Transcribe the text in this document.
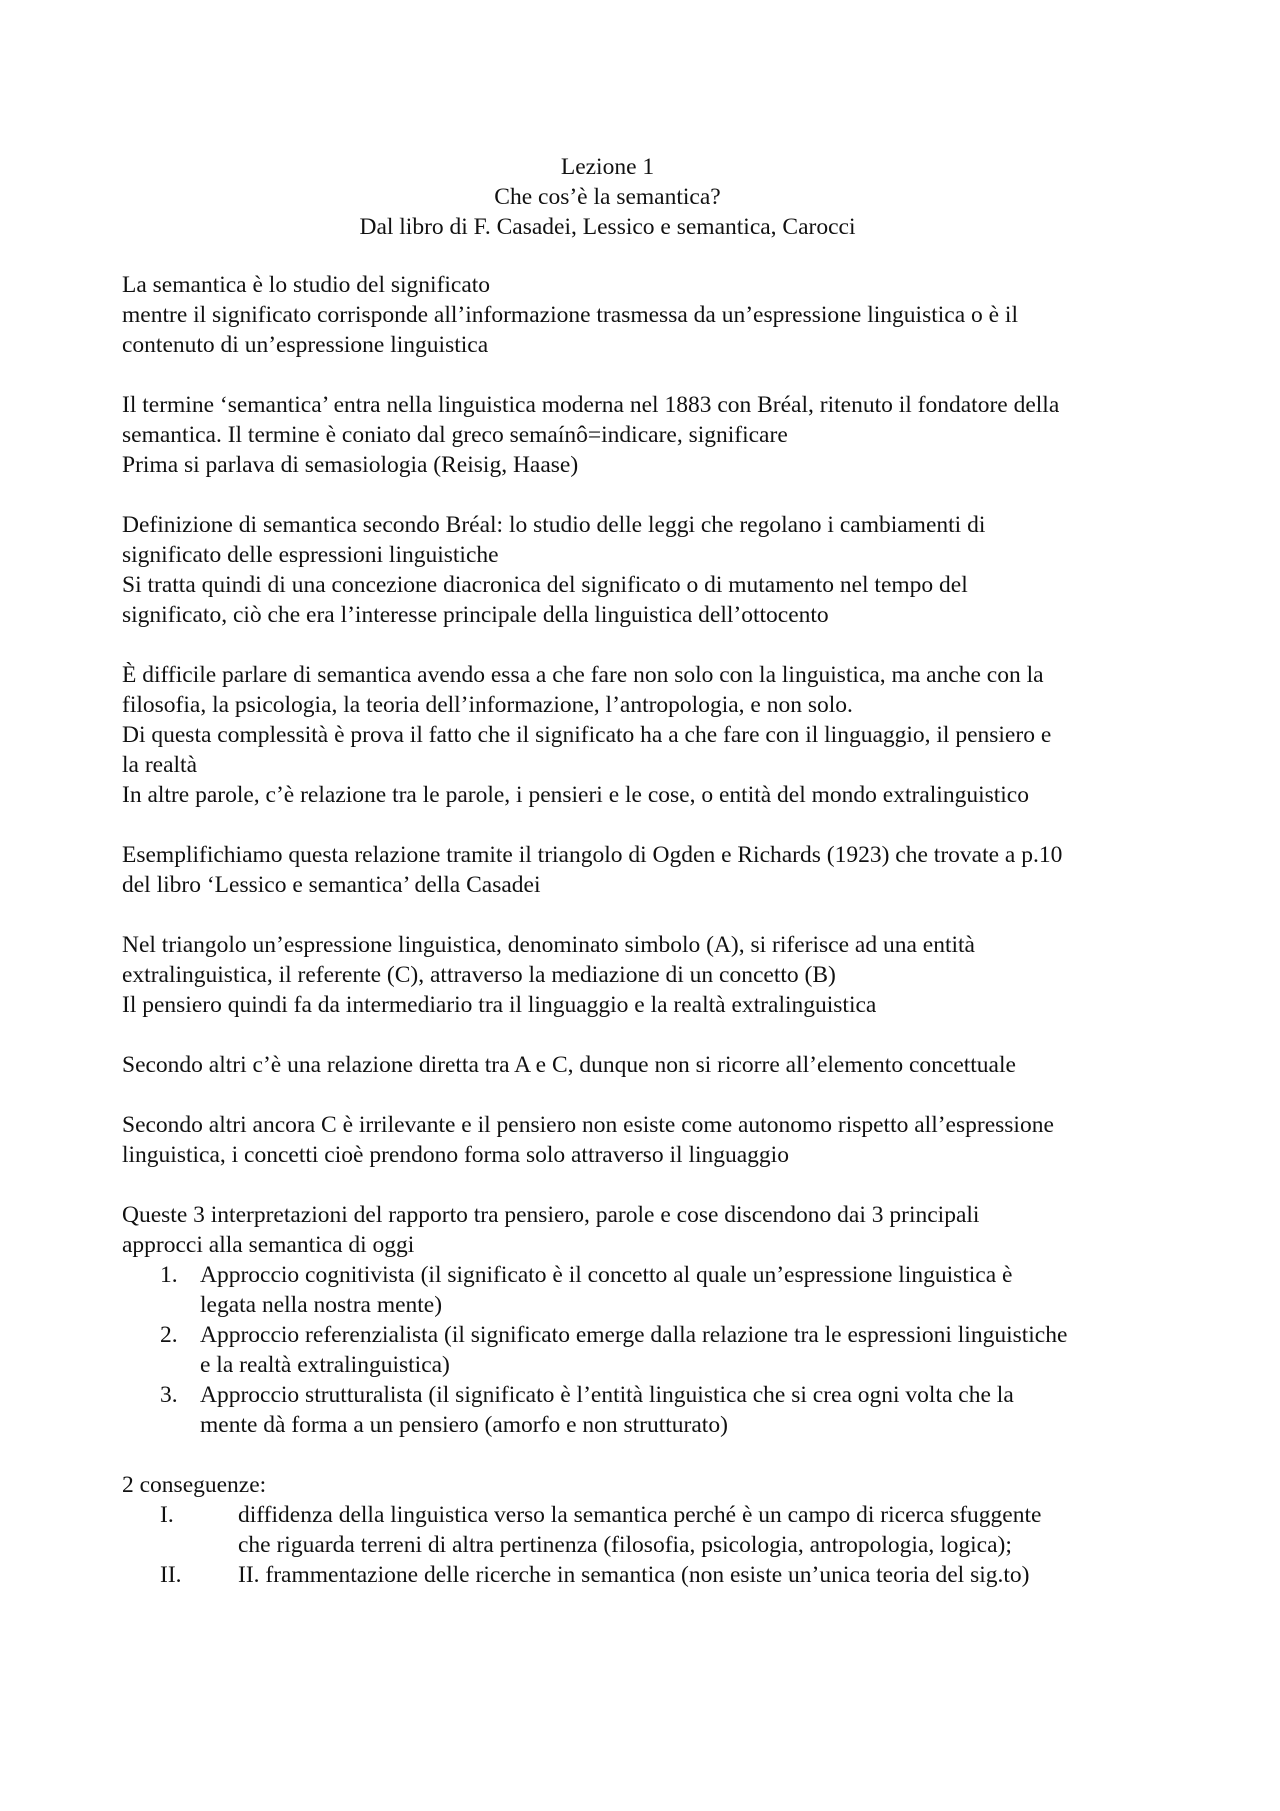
Lezione 1
Che cos’è la semantica?
Dal libro di F. Casadei, Lessico e semantica, Carocci
La semantica è lo studio del significato
mentre il significato corrisponde all’informazione trasmessa da un’espressione linguistica o è il
contenuto di un’espressione linguistica
Il termine ‘semantica’ entra nella linguistica moderna nel 1883 con Bréal, ritenuto il fondatore della
semantica. Il termine è coniato dal greco semaínô=indicare, significare
Prima si parlava di semasiologia (Reisig, Haase)
Definizione di semantica secondo Bréal: lo studio delle leggi che regolano i cambiamenti di
significato delle espressioni linguistiche
Si tratta quindi di una concezione diacronica del significato o di mutamento nel tempo del
significato, ciò che era l’interesse principale della linguistica dell’ottocento
È difficile parlare di semantica avendo essa a che fare non solo con la linguistica, ma anche con la
filosofia, la psicologia, la teoria dell’informazione, l’antropologia, e non solo.
Di questa complessità è prova il fatto che il significato ha a che fare con il linguaggio, il pensiero e
la realtà
In altre parole, c’è relazione tra le parole, i pensieri e le cose, o entità del mondo extralinguistico
Esemplifichiamo questa relazione tramite il triangolo di Ogden e Richards (1923) che trovate a p.10
del libro ‘Lessico e semantica’ della Casadei
Nel triangolo un’espressione linguistica, denominato simbolo (A), si riferisce ad una entità
extralinguistica, il referente (C), attraverso la mediazione di un concetto (B)
Il pensiero quindi fa da intermediario tra il linguaggio e la realtà extralinguistica
Secondo altri c’è una relazione diretta tra A e C, dunque non si ricorre all’elemento concettuale
Secondo altri ancora C è irrilevante e il pensiero non esiste come autonomo rispetto all’espressione
linguistica, i concetti cioè prendono forma solo attraverso il linguaggio
Queste 3 interpretazioni del rapporto tra pensiero, parole e cose discendono dai 3 principali
approcci alla semantica di oggi
1. Approccio cognitivista (il significato è il concetto al quale un’espressione linguistica è
legata nella nostra mente)
2. Approccio referenzialista (il significato emerge dalla relazione tra le espressioni linguistiche
e la realtà extralinguistica)
3. Approccio strutturalista (il significato è l’entità linguistica che si crea ogni volta che la
mente dà forma a un pensiero (amorfo e non strutturato)
2 conseguenze:
I.	diffidenza della linguistica verso la semantica perché è un campo di ricerca sfuggente
che riguarda terreni di altra pertinenza (filosofia, psicologia, antropologia, logica);
II. II. frammentazione delle ricerche in semantica (non esiste un’unica teoria del sig.to)
